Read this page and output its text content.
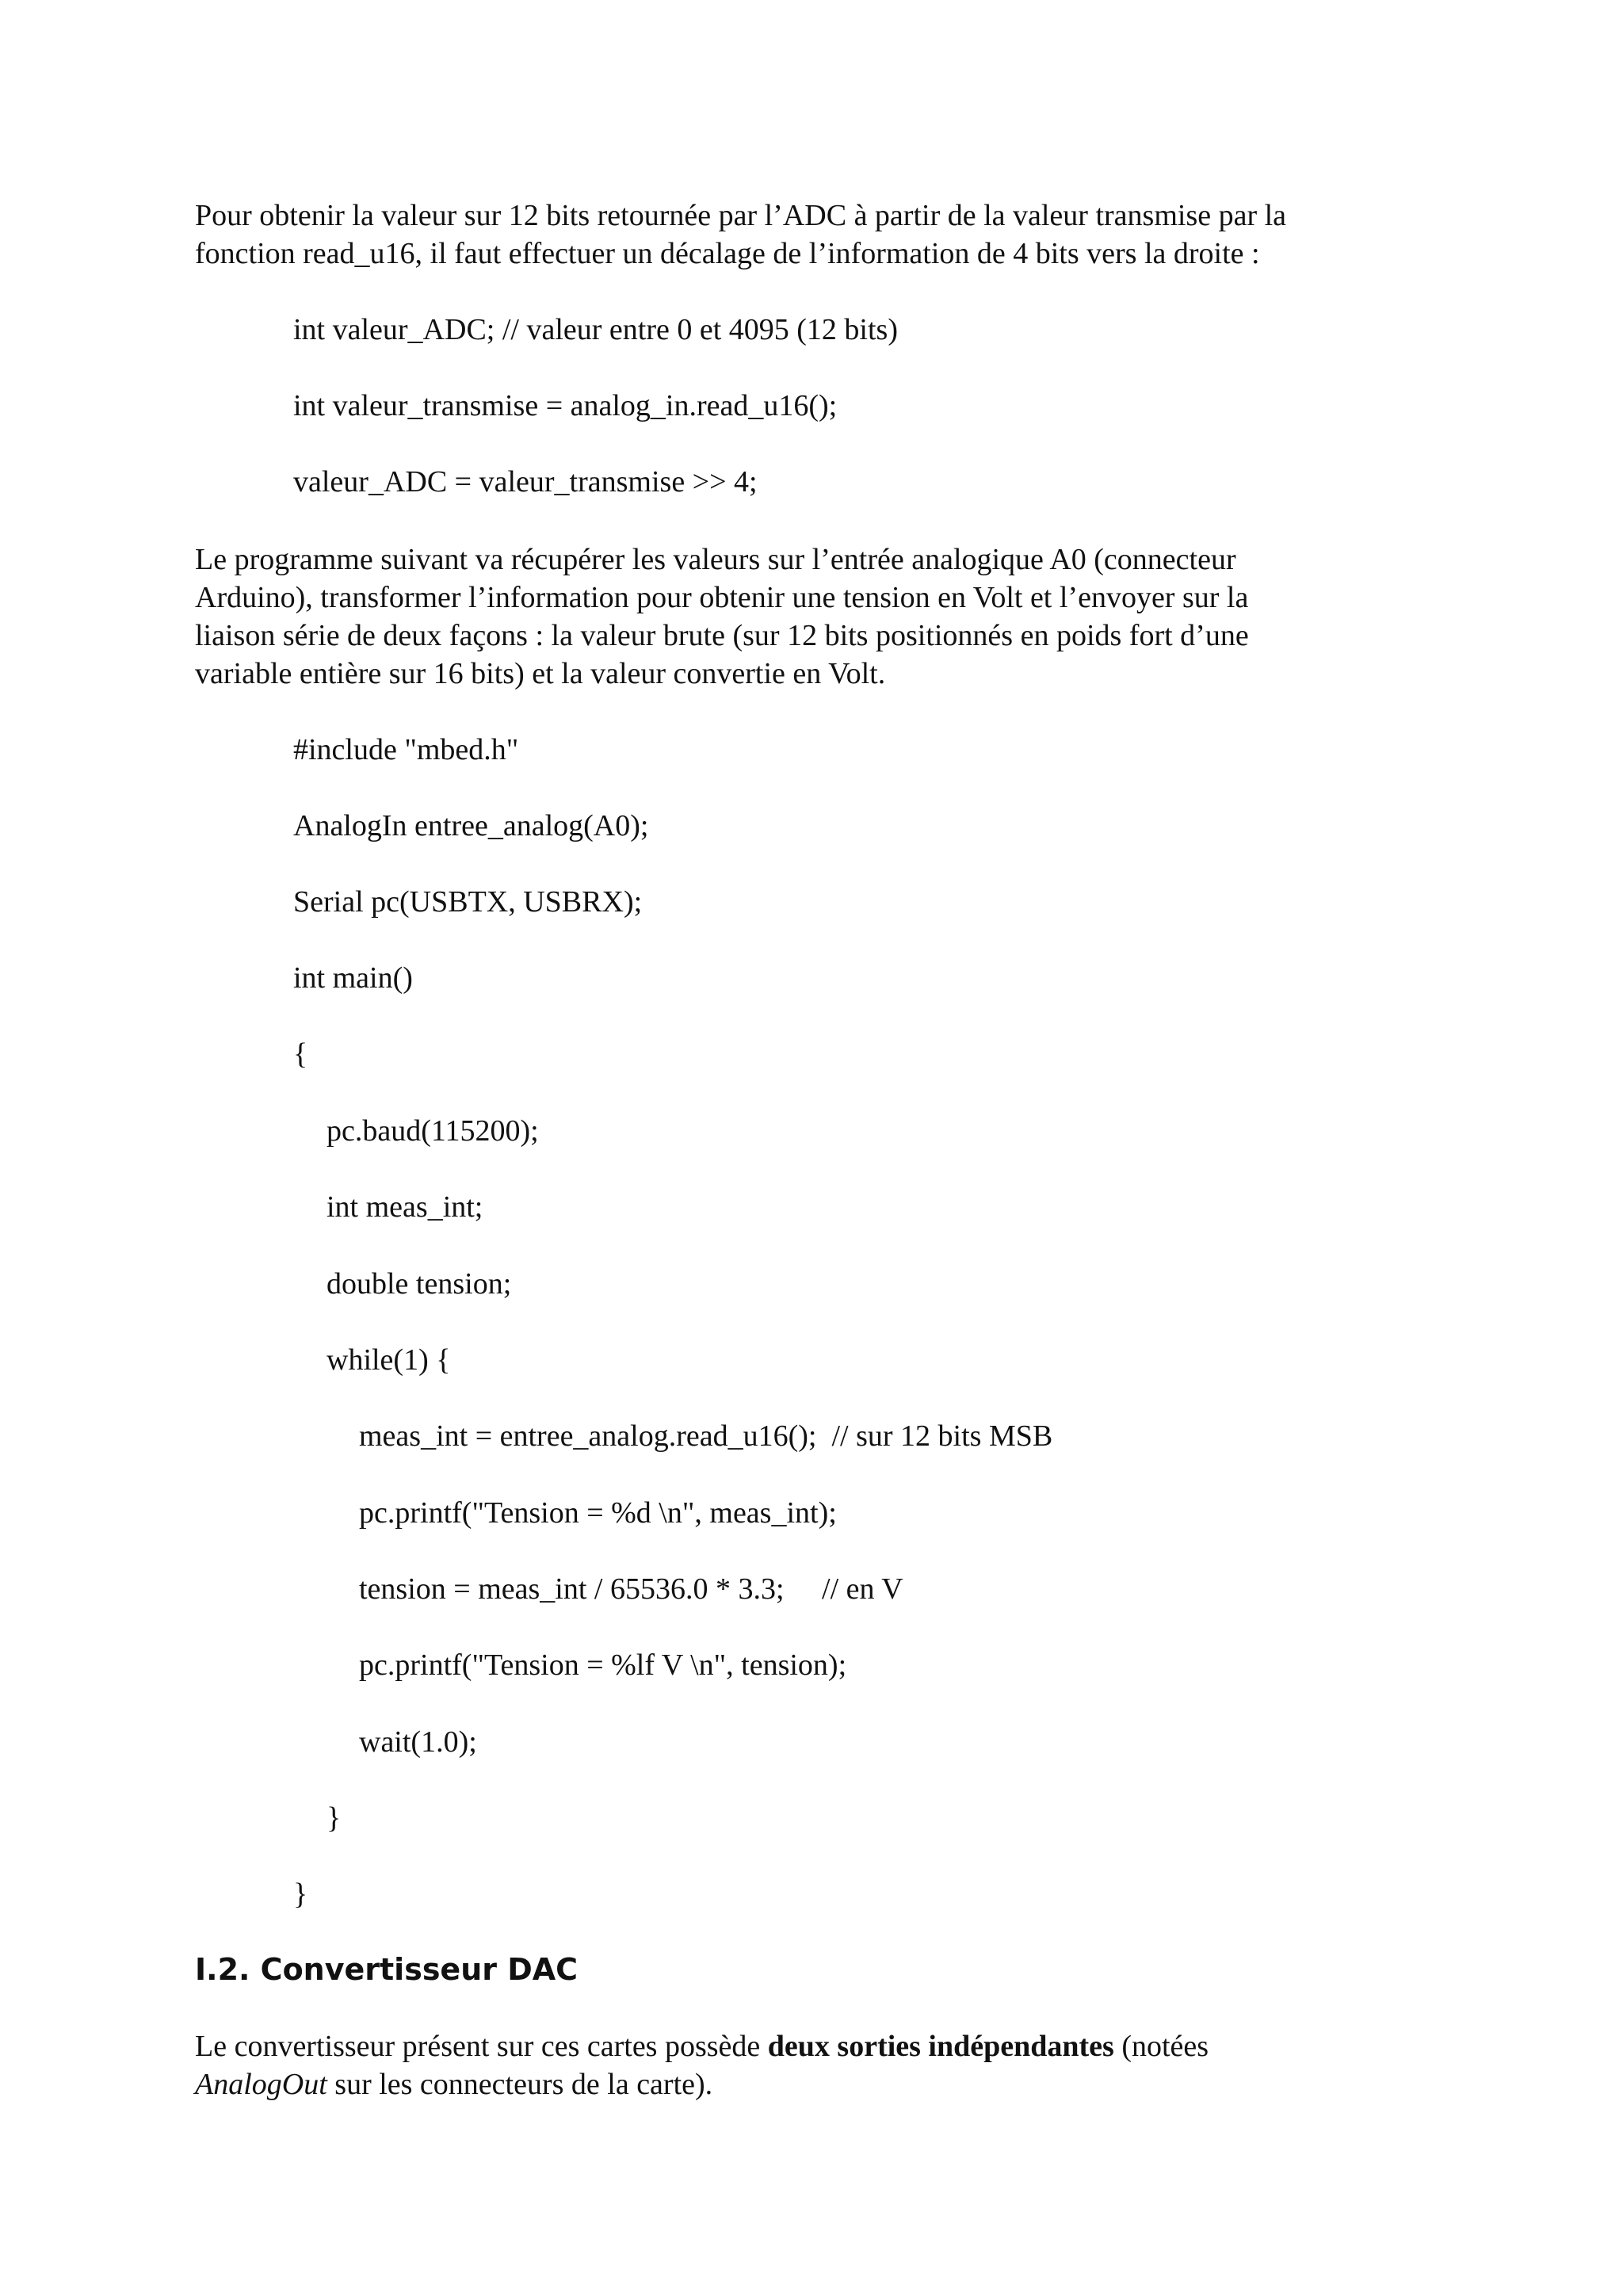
Pour obtenir la valeur sur 12 bits retournée par l’ADC à partir de la valeur transmise par la

fonction read_u16, il faut effectuer un décalage de l’information de 4 bits vers la droite :

int valeur_ADC; // valeur entre 0 et 4095 (12 bits)

int valeur_transmise = analog_in.read_u16();

valeur_ADC = valeur_transmise >> 4;

Le programme suivant va récupérer les valeurs sur l’entrée analogique A0 (connecteur

Arduino), transformer l’information pour obtenir une tension en Volt et l’envoyer sur la

liaison série de deux façons : la valeur brute (sur 12 bits positionnés en poids fort d’une

variable entière sur 16 bits) et la valeur convertie en Volt.

#include "mbed.h"

AnalogIn entree_analog(A0);

Serial pc(USBTX, USBRX);

int main()

{

pc.baud(115200);

int meas_int;

double tension;

while(1) {

meas_int = entree_analog.read_u16();  // sur 12 bits MSB

pc.printf("Tension = %d \n", meas_int);

tension = meas_int / 65536.0 * 3.3;     // en V

pc.printf("Tension = %lf V \n", tension);

wait(1.0);

}

}

I.2. Convertisseur DAC

Le convertisseur présent sur ces cartes possède deux sorties indépendantes (notées

AnalogOut sur les connecteurs de la carte).
